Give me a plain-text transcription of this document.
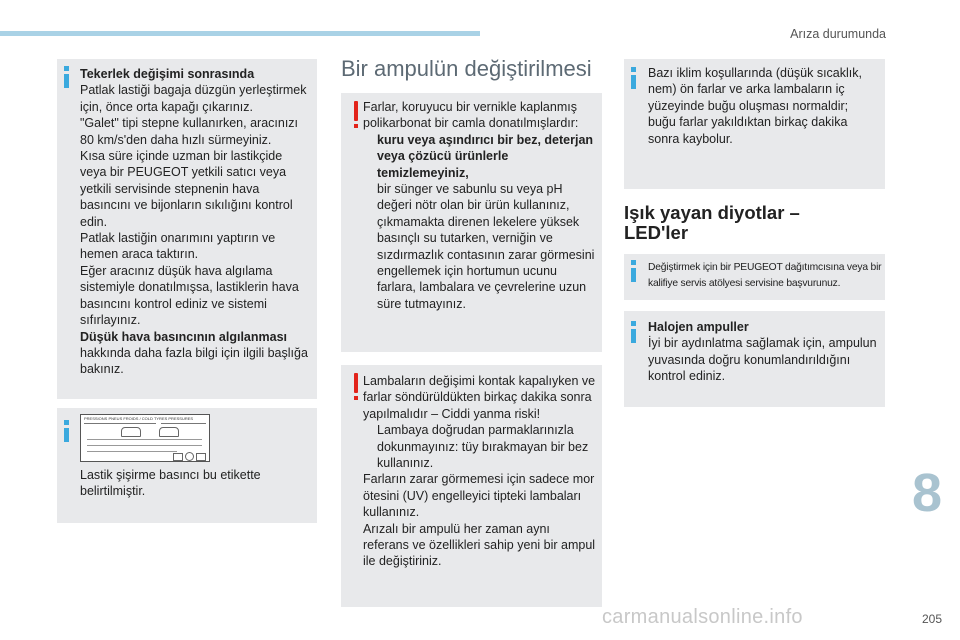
Arıza durumunda

Tekerlek değişimi sonrasında

Patlak lastiği bagaja düzgün yerleştirmek için, önce orta kapağı çıkarınız.

"Galet" tipi stepne kullanırken, aracınızı 80 km/s'den daha hızlı sürmeyiniz.

Kısa süre içinde uzman bir lastikçide veya bir PEUGEOT yetkili satıcı veya yetkili servisinde stepnenin hava basıncını ve bijonların sıkılığını kontrol edin.

Patlak lastiğin onarımını yaptırın ve hemen araca taktırın.

Eğer aracınız düşük hava algılama sistemiyle donatılmışsa, lastiklerin hava basıncını kontrol ediniz ve sistemi sıfırlayınız.

Düşük hava basıncının algılanması

hakkında daha fazla bilgi için ilgili başlığa bakınız.

PRESSIONS PNEUS FROIDS / COLD TYRES PRESSURES
Lastik şişirme basıncı bu etikette belirtilmiştir.
Bir ampulün değiştirilmesi

Farlar, koruyucu bir vernikle kaplanmış polikarbonat bir camla donatılmışlardır:

kuru veya aşındırıcı bir bez, deterjan veya çözücü ürünlerle temizlemeyiniz,
bir sünger ve sabunlu su veya pH değeri nötr olan bir ürün kullanınız,
çıkmamakta direnen lekelere yüksek basınçlı su tutarken, verniğin ve sızdırmazlık contasının zarar görmesini engellemek için hortumun ucunu farlara, lambalara ve çevrelerine uzun süre tutmayınız.

Lambaların değişimi kontak kapalıyken ve farlar söndürüldükten birkaç dakika sonra yapılmalıdır – Ciddi yanma riski!

Lambaya doğrudan parmaklarınızla dokunmayınız: tüy bırakmayan bir bez kullanınız.

Farların zarar görmemesi için sadece mor ötesini (UV) engelleyici tipteki lambaları kullanınız.

Arızalı bir ampulü her zaman aynı referans ve özellikleri sahip yeni bir ampul ile değiştiriniz.

Bazı iklim koşullarında (düşük sıcaklık, nem) ön farlar ve arka lambaların iç yüzeyinde buğu oluşması normaldir; buğu farlar yakıldıktan birkaç dakika sonra kaybolur.
Işık yayan diyotlar – LED'ler
Değiştirmek için bir PEUGEOT dağıtımcısına veya bir kalifiye servis atölyesi servisine başvurunuz.

Halojen ampuller

İyi bir aydınlatma sağlamak için, ampulun yuvasında doğru konumlandırıldığını kontrol ediniz.

8
205
carmanualsonline.info
